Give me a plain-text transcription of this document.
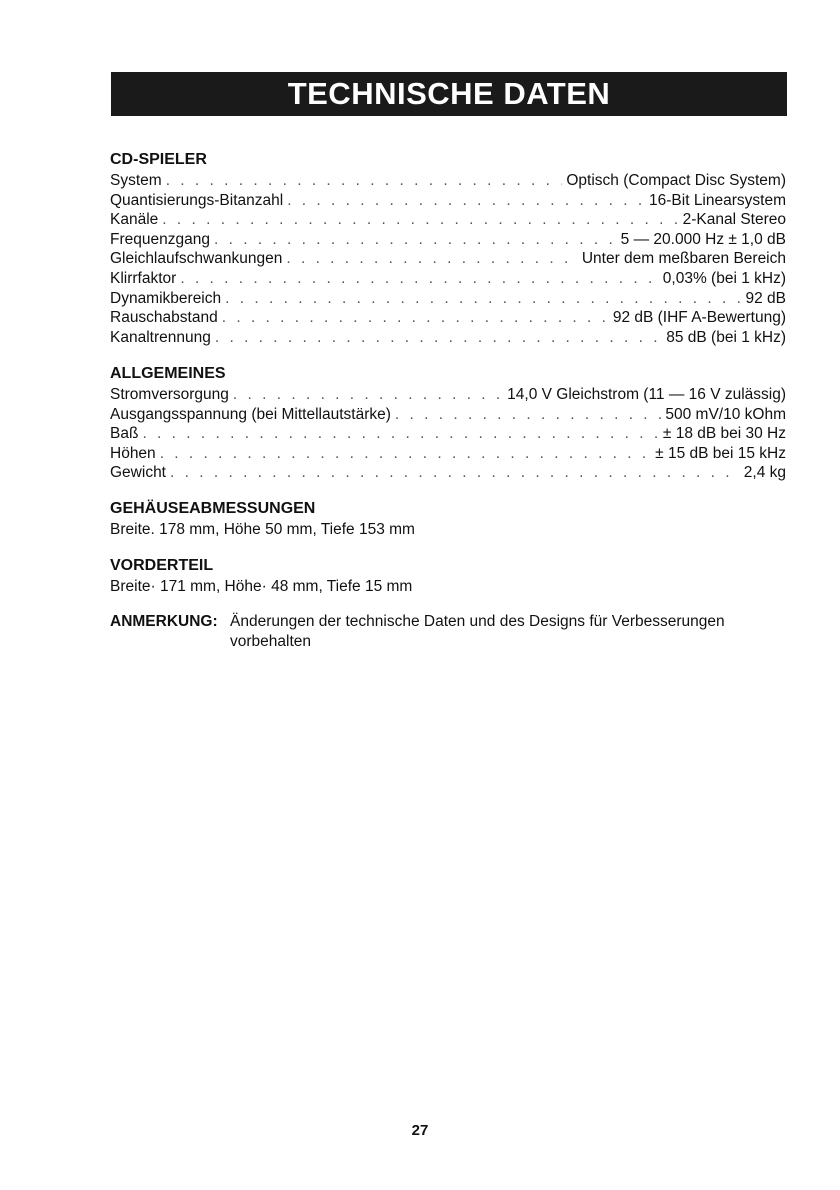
TECHNISCHE DATEN
CD-SPIELER
System . . .	Optisch (Compact Disc System)
Quantisierungs-Bitanzahl . . .	16-Bit Linearsystem
Kanäle . . .	2-Kanal Stereo
Frequenzgang . . .	5 — 20.000 Hz ± 1,0 dB
Gleichlaufschwankungen . . .	Unter dem meßbaren Bereich
Klirrfaktor . . .	0,03% (bei 1 kHz)
Dynamikbereich . . .	92 dB
Rauschabstand . . .	92 dB (IHF A-Bewertung)
Kanaltrennung . . .	85 dB (bei 1 kHz)
ALLGEMEINES
Stromversorgung . . .	14,0 V Gleichstrom (11 — 16 V zulässig)
Ausgangsspannung (bei Mittellautstärke) . . .	500 mV/10 kOhm
Baß . . .	± 18 dB bei 30 Hz
Höhen . . .	± 15 dB bei 15 kHz
Gewicht . . .	2,4 kg
GEHÄUSEABMESSUNGEN

Breite. 178 mm, Höhe 50 mm, Tiefe 153 mm

VORDERTEIL

Breite· 171 mm, Höhe· 48 mm, Tiefe 15 mm

ANMERKUNG: Änderungen der technische Daten und des Designs für Verbesserungen vorbehalten
27
